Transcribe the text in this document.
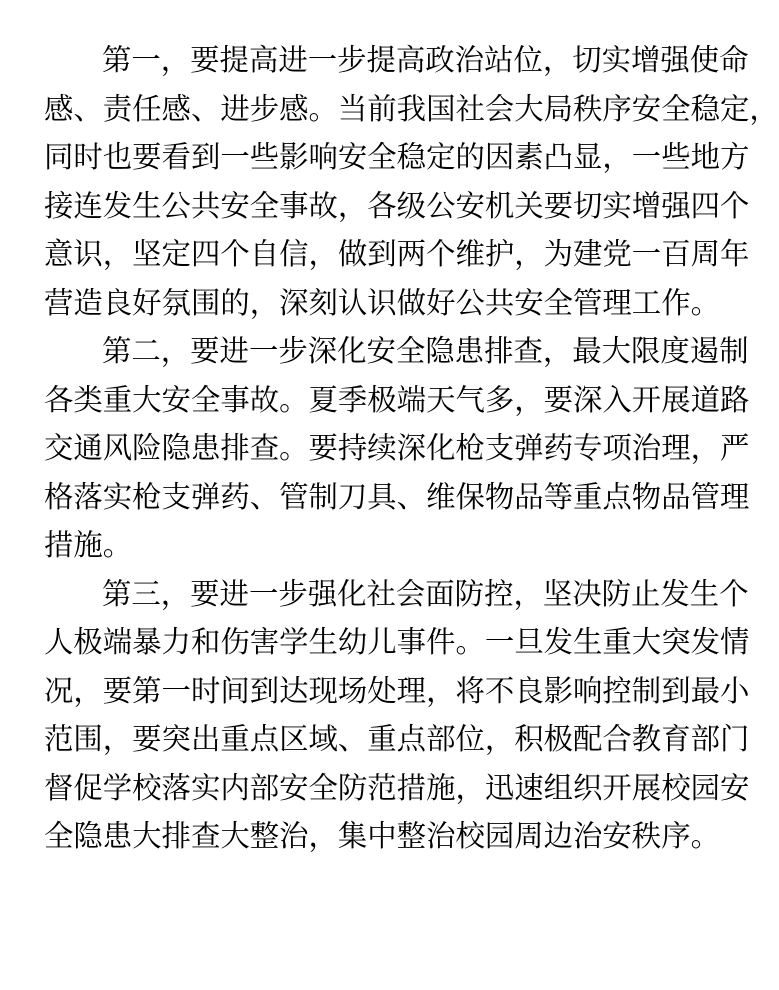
第一，要提高进一步提高政治站位，切实增强使命
感、责任感、进步感。当前我国社会大局秩序安全稳定，
同时也要看到一些影响安全稳定的因素凸显，一些地方
接连发生公共安全事故，各级公安机关要切实增强四个
意识，坚定四个自信，做到两个维护，为建党一百周年
营造良好氛围的，深刻认识做好公共安全管理工作。

第二，要进一步深化安全隐患排查，最大限度遏制
各类重大安全事故。夏季极端天气多，要深入开展道路
交通风险隐患排查。要持续深化枪支弹药专项治理，严
格落实枪支弹药、管制刀具、维保物品等重点物品管理
措施。

第三，要进一步强化社会面防控，坚决防止发生个
人极端暴力和伤害学生幼儿事件。一旦发生重大突发情
况，要第一时间到达现场处理，将不良影响控制到最小
范围，要突出重点区域、重点部位，积极配合教育部门
督促学校落实内部安全防范措施，迅速组织开展校园安
全隐患大排查大整治，集中整治校园周边治安秩序。
